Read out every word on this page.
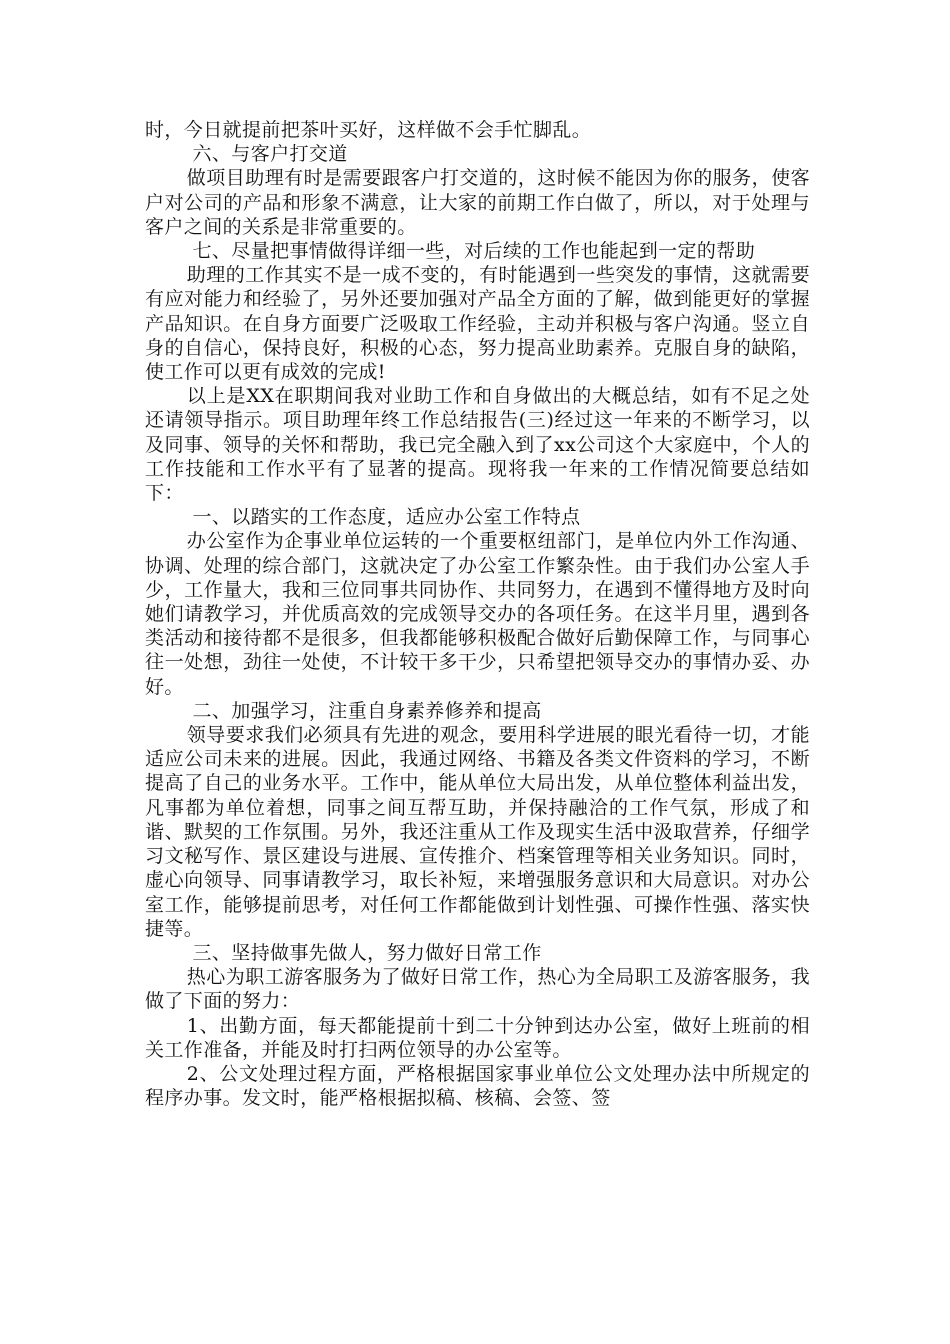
时，今日就提前把茶叶买好，这样做不会手忙脚乱。

六、与客户打交道

做项目助理有时是需要跟客户打交道的，这时候不能因为你的服务，使客户对公司的产品和形象不满意，让大家的前期工作白做了，所以，对于处理与客户之间的关系是非常重要的。

七、尽量把事情做得详细一些，对后续的工作也能起到一定的帮助

助理的工作其实不是一成不变的，有时能遇到一些突发的事情，这就需要有应对能力和经验了，另外还要加强对产品全方面的了解，做到能更好的掌握产品知识。在自身方面要广泛吸取工作经验，主动并积极与客户沟通。竖立自身的自信心，保持良好，积极的心态，努力提高业助素养。克服自身的缺陷，使工作可以更有成效的完成!

以上是XX在职期间我对业助工作和自身做出的大概总结，如有不足之处还请领导指示。项目助理年终工作总结报告(三)经过这一年来的不断学习，以及同事、领导的关怀和帮助，我已完全融入到了xx公司这个大家庭中，个人的工作技能和工作水平有了显著的提高。现将我一年来的工作情况简要总结如下：

一、以踏实的工作态度，适应办公室工作特点

办公室作为企事业单位运转的一个重要枢纽部门，是单位内外工作沟通、协调、处理的综合部门，这就决定了办公室工作繁杂性。由于我们办公室人手少，工作量大，我和三位同事共同协作、共同努力，在遇到不懂得地方及时向她们请教学习，并优质高效的完成领导交办的各项任务。在这半月里，遇到各类活动和接待都不是很多，但我都能够积极配合做好后勤保障工作，与同事心往一处想，劲往一处使，不计较干多干少，只希望把领导交办的事情办妥、办好。

二、加强学习，注重自身素养修养和提高

领导要求我们必须具有先进的观念，要用科学进展的眼光看待一切，才能适应公司未来的进展。因此，我通过网络、书籍及各类文件资料的学习，不断提高了自己的业务水平。工作中，能从单位大局出发，从单位整体利益出发，凡事都为单位着想，同事之间互帮互助，并保持融洽的工作气氛，形成了和谐、默契的工作氛围。另外，我还注重从工作及现实生活中汲取营养，仔细学习文秘写作、景区建设与进展、宣传推介、档案管理等相关业务知识。同时，虚心向领导、同事请教学习，取长补短，来增强服务意识和大局意识。对办公室工作，能够提前思考，对任何工作都能做到计划性强、可操作性强、落实快捷等。

三、坚持做事先做人，努力做好日常工作

热心为职工游客服务为了做好日常工作，热心为全局职工及游客服务，我做了下面的努力：

1、出勤方面，每天都能提前十到二十分钟到达办公室，做好上班前的相关工作准备，并能及时打扫两位领导的办公室等。

2、公文处理过程方面，严格根据国家事业单位公文处理办法中所规定的程序办事。发文时，能严格根据拟稿、核稿、会签、签
